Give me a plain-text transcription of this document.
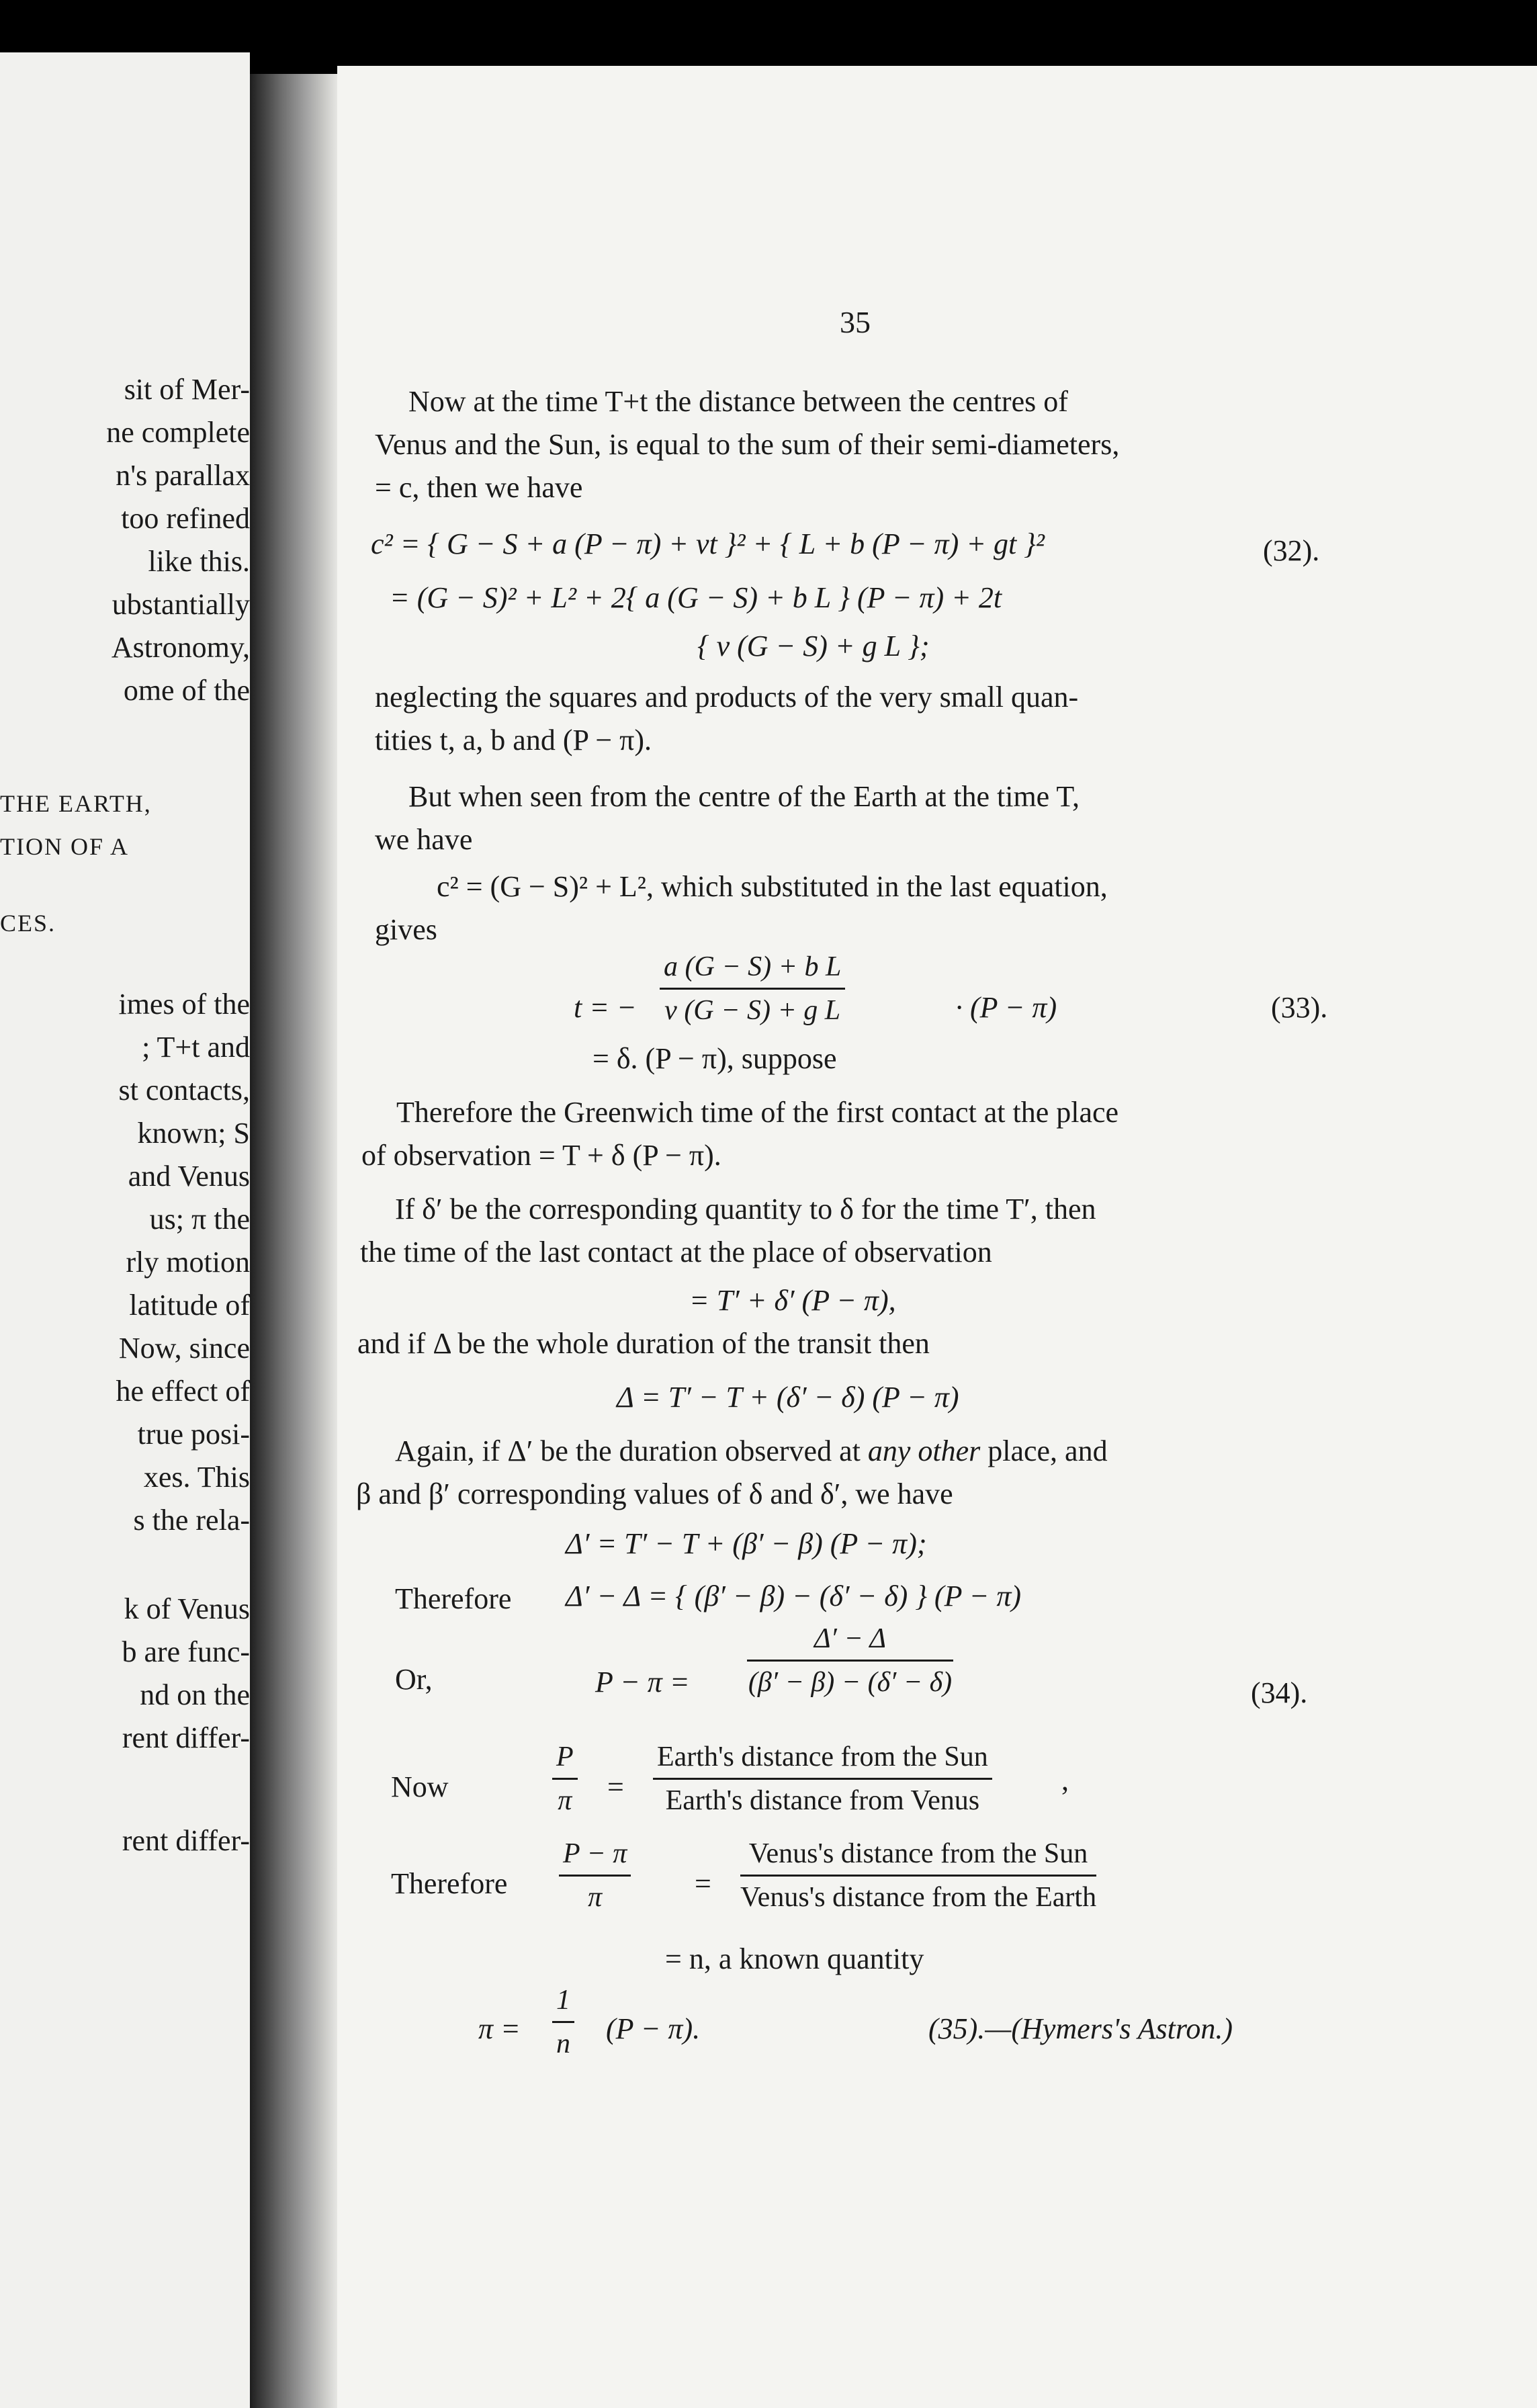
sit of Mer-
ne complete
n's parallax
too refined
like this.
ubstantially
Astronomy,
ome of the
THE EARTH,
TION OF A
CES.
imes of the
; T+t and
st contacts,
known; S
and Venus
us; π the
rly motion
latitude of
Now, since
he effect of
true posi-
xes. This
s the rela-
k of Venus
b are func-
nd on the
rent differ-
rent differ-
35
Now at the time T+t the distance between the centres of
Venus and the Sun, is equal to the sum of their semi-diameters,
= c, then we have
c² = { G − S + a (P − π) + vt }² + { L + b (P − π) + gt }²	(32).
= (G − S)² + L² + 2{ a (G − S) + b L } (P − π) + 2t
{ v (G − S) + g L };
neglecting the squares and products of the very small quan-
tities t, a, b and (P − π).
But when seen from the centre of the Earth at the time T,
we have
c² = (G − S)² + L², which substituted in the last equation,
gives
t = − $\frac{\text{a (G − S) + b L}}{\text{v (G − S) + g L}}$	· (P − π)	(33).
= δ. (P − π), suppose
Therefore the Greenwich time of the first contact at the place
of observation = T + δ (P − π).
If δ′ be the corresponding quantity to δ for the time T′, then
the time of the last contact at the place of observation
= T′ + δ′ (P − π),
and if Δ be the whole duration of the transit then
Δ = T′ − T + (δ′ − δ) (P − π)
Again, if Δ′ be the duration observed at any other place, and
β and β′ corresponding values of δ and δ′, we have
Δ′ = T′ − T + (β′ − β) (P − π);
Therefore Δ′ − Δ = { (β′ − β) − (δ′ − δ) } (P − π)
Or,	$P - \pi = \frac{\Delta' - \Delta}{(\beta' - \beta) - (\delta' - \delta)}$	(34).
Now	$\frac{P}{\pi}$ =
Earth's distance from the Sun
Earth's distance from Venus
,
Therefore $\frac{P - \pi}{\pi}$ =
Venus's distance from the Sun
Venus's distance from the Earth
= n, a known quantity
$\pi = \frac{1}{n} (P - \pi)$.	(35).—(Hymers's Astron.)
